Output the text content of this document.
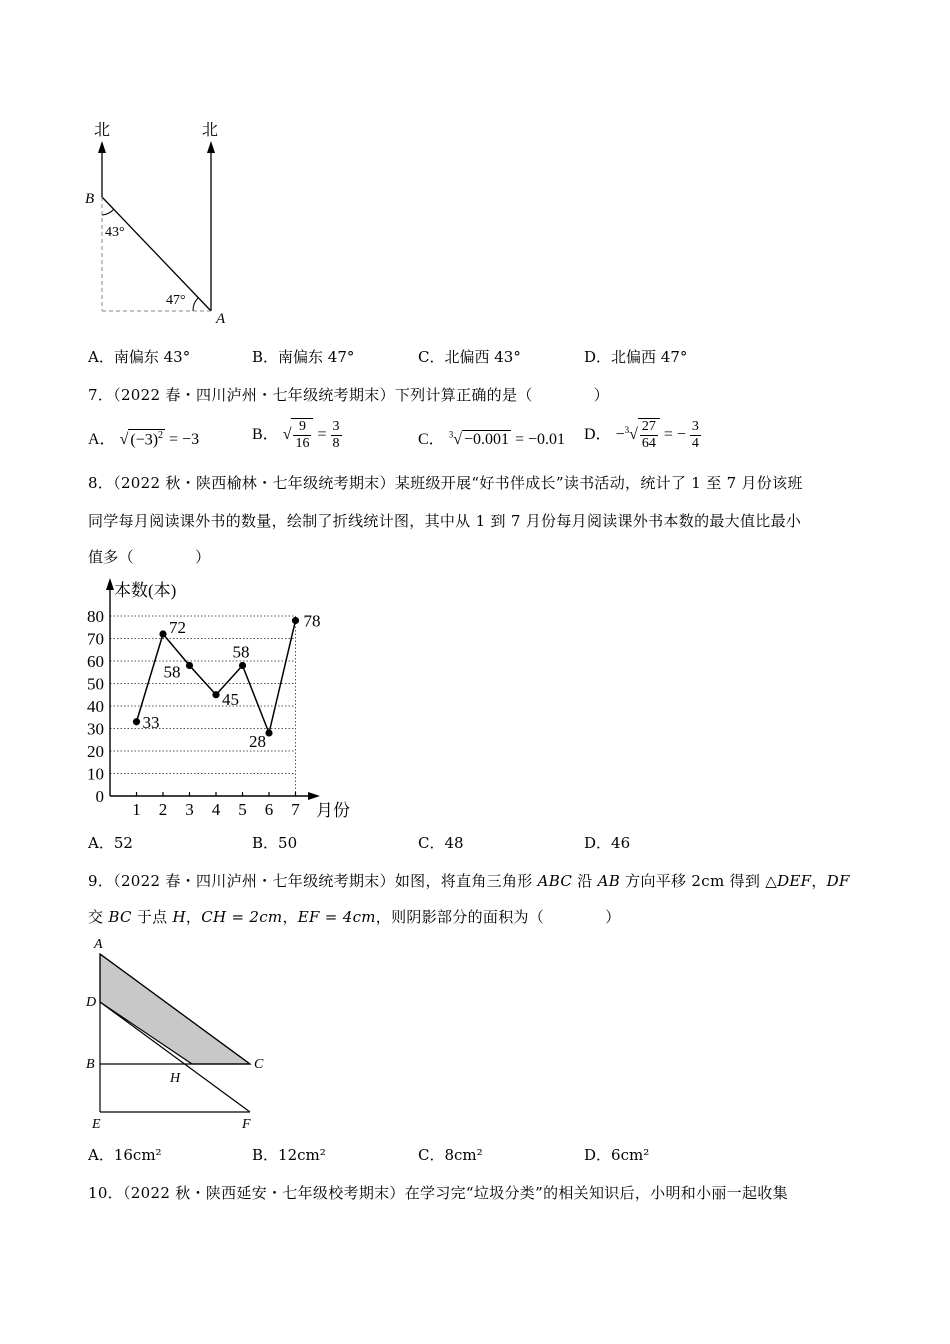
北	北
B
A
43°
47°
A．南偏东 43°	B．南偏东 47°	C．北偏西 43°	D．北偏西 47°
7．（2022 春・四川泸州・七年级统考期末）下列计算正确的是（　　　　）
A． √ $(-3)^2 = -3$	B． √ $\frac{9}{16} = \frac{3}{8}$	C． $^3$√ −0.001 = −0.01 D． $-^3√ \frac{27}{64}$ = − $\frac{3}{4}$
8．（2022 秋・陕西榆林・七年级统考期末）某班级开展“好书伴成长”读书活动，统计了 1 至 7 月份该班
同学每月阅读课外书的数量，绘制了折线统计图，其中从 1 到 7 月份每月阅读课外书本数的最大值比最小
值多（　　　　）
本数(本)
月份
0
10
20
30
40
50
60
70
80
1 2 3 4 5 6 7
33
72
58
45
58
28
78
A．52	B．50	C．48	D．46
9．（2022 春・四川泸州・七年级统考期末）如图，将直角三角形 ABC 沿 AB 方向平移 2cm 得到 △DEF，DF
交 BC 于点 H，CH = 2cm，EF = 4cm，则阴影部分的面积为（　　　　）
A
D
B
H
C
E	F
A．16cm²	B．12cm²	C．8cm²	D．6cm²
10．（2022 秋・陕西延安・七年级校考期末）在学习完“垃圾分类”的相关知识后，小明和小丽一起收集
